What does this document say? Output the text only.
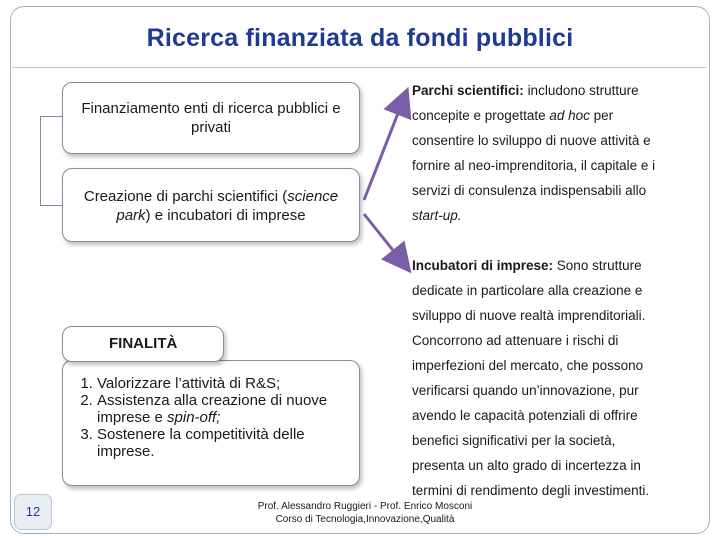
Ricerca finanziata da fondi pubblici
Finanziamento enti di ricerca pubblici e privati
Creazione di parchi scientifici (science park) e incubatori di imprese
1. Valorizzare l’attività di R&S;
2. Assistenza alla creazione di nuove imprese e spin-off;
3. Sostenere la competitività delle imprese.
FINALITÀ
Parchi scientifici: includono strutture
concepite e progettate ad hoc per
consentire lo sviluppo di nuove attività e
fornire al neo-imprenditoria, il capitale e i
servizi di consulenza indispensabili allo
start-up.
Incubatori di imprese: Sono strutture
dedicate in particolare alla creazione e
sviluppo di nuove realtà imprenditoriali.
Concorrono ad attenuare i rischi di
imperfezioni del mercato, che possono
verificarsi quando un’innovazione, pur
avendo le capacità potenziali di offrire
benefici significativi per la società,
presenta un alto grado di incertezza in
termini di rendimento degli investimenti.
12	Prof. Alessandro Ruggieri - Prof. Enrico Mosconi
Corso di Tecnologia,Innovazione,Qualità
